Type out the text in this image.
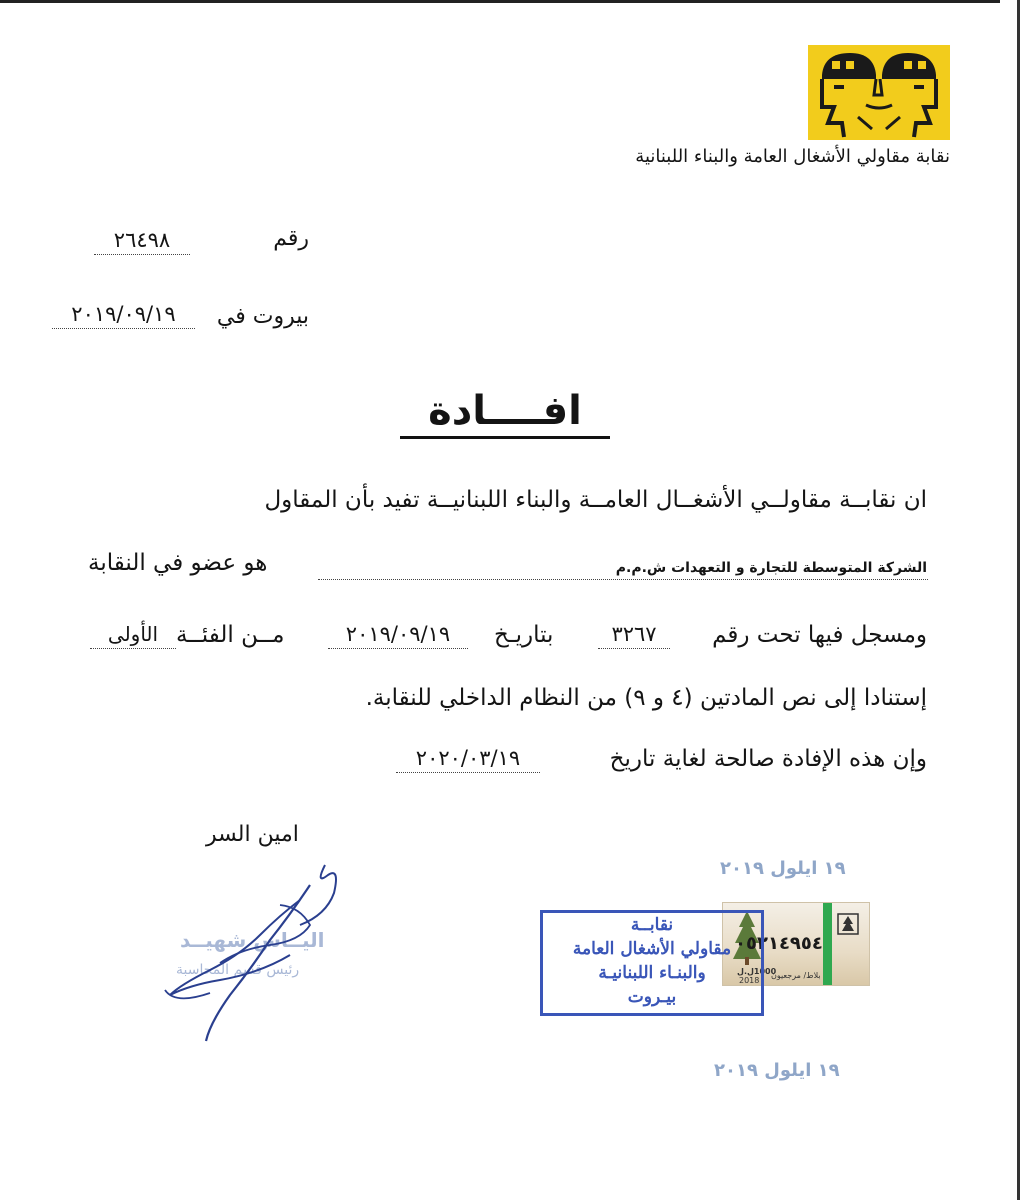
نقابة مقاولي الأشغال العامة والبناء اللبنانية
رقم
٢٦٤٩٨
بيروت في
٢٠١٩/٠٩/١٩
افــــادة
ان نقابــة مقاولــي الأشغــال العامــة والبناء اللبنانيــة تفيد بأن المقاول
هو عضو في النقابة	الشركة المتوسطة للتجارة و التعهدات ش.م.م
ومسجل فيها تحت رقم
٣٢٦٧
بتاريـخ
٢٠١٩/٠٩/١٩
مــن الفئــة
الأولى
إستنادا إلى نص المادتين (٤ و ٩) من النظام الداخلي للنقابة.
وإن هذه الإفادة صالحة لغاية تاريخ
٢٠٢٠/٠٣/١٩
امين السر
اليــاس شهيــد
رئيس قسم المحاسبة
١٩ ايلول ٢٠١٩
١٩ ايلول ٢٠١٩
٠٥٢١٤٩٥٤
1000ل.ل
2018
بلاط/ مرجعيون
نقابــة
مقاولي الأشغال العامة
والبنـاء اللبنانيـة
بيـروت
